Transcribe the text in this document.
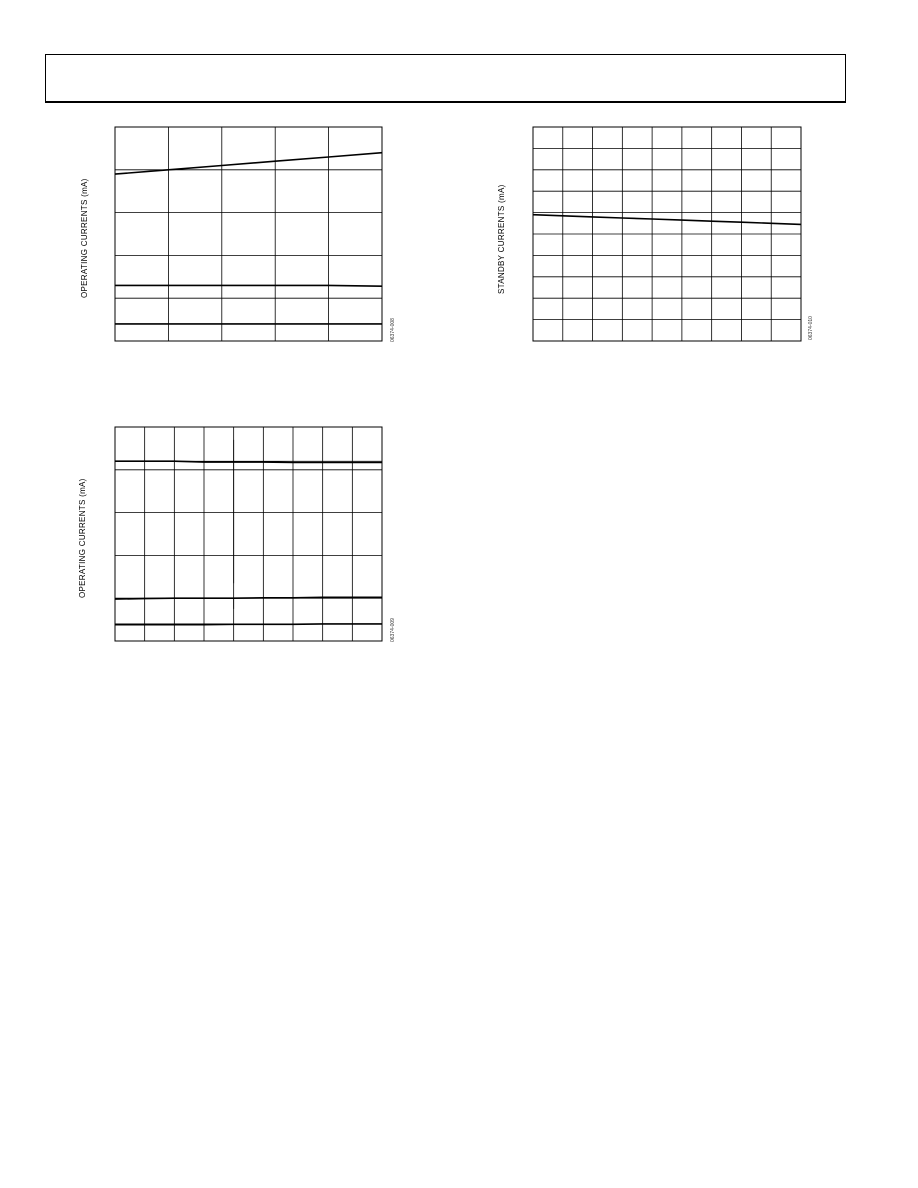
OPERATING CURRENTS (mA)
06374-008
STANDBY CURRENTS (mA)
06374-010
OPERATING CURRENTS (mA)
06374-009
